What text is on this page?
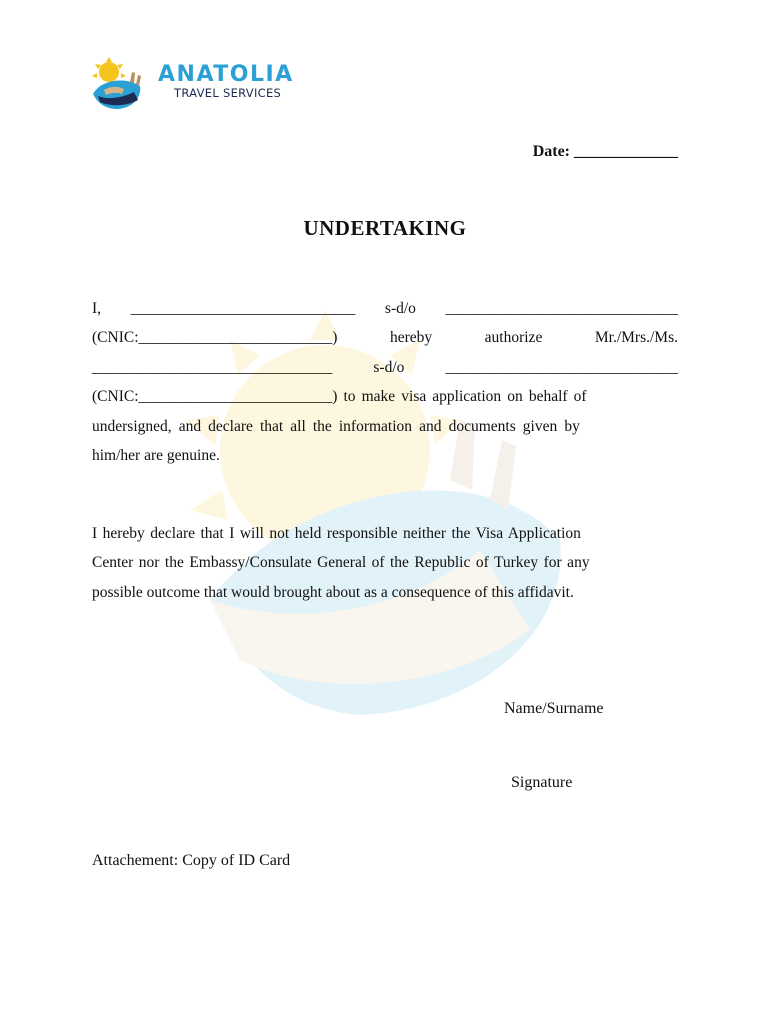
ANATOLIA
TRAVEL SERVICES
Date: _____________
UNDERTAKING
I, _____________________________ s-d/o ______________________________
(CNIC:_________________________)	hereby	authorize	Mr./Mrs./Ms.
_______________________________	s-d/o	______________________________
(CNIC:_________________________) to make visa application on behalf of
undersigned, and declare that all the information and documents given by
him/her are genuine.
I hereby declare that I will not held responsible neither the Visa Application
Center nor the Embassy/Consulate General of the Republic of Turkey for any
possible outcome that would brought about as a consequence of this affidavit.
Name/Surname
Signature
Attachement: Copy of ID Card
